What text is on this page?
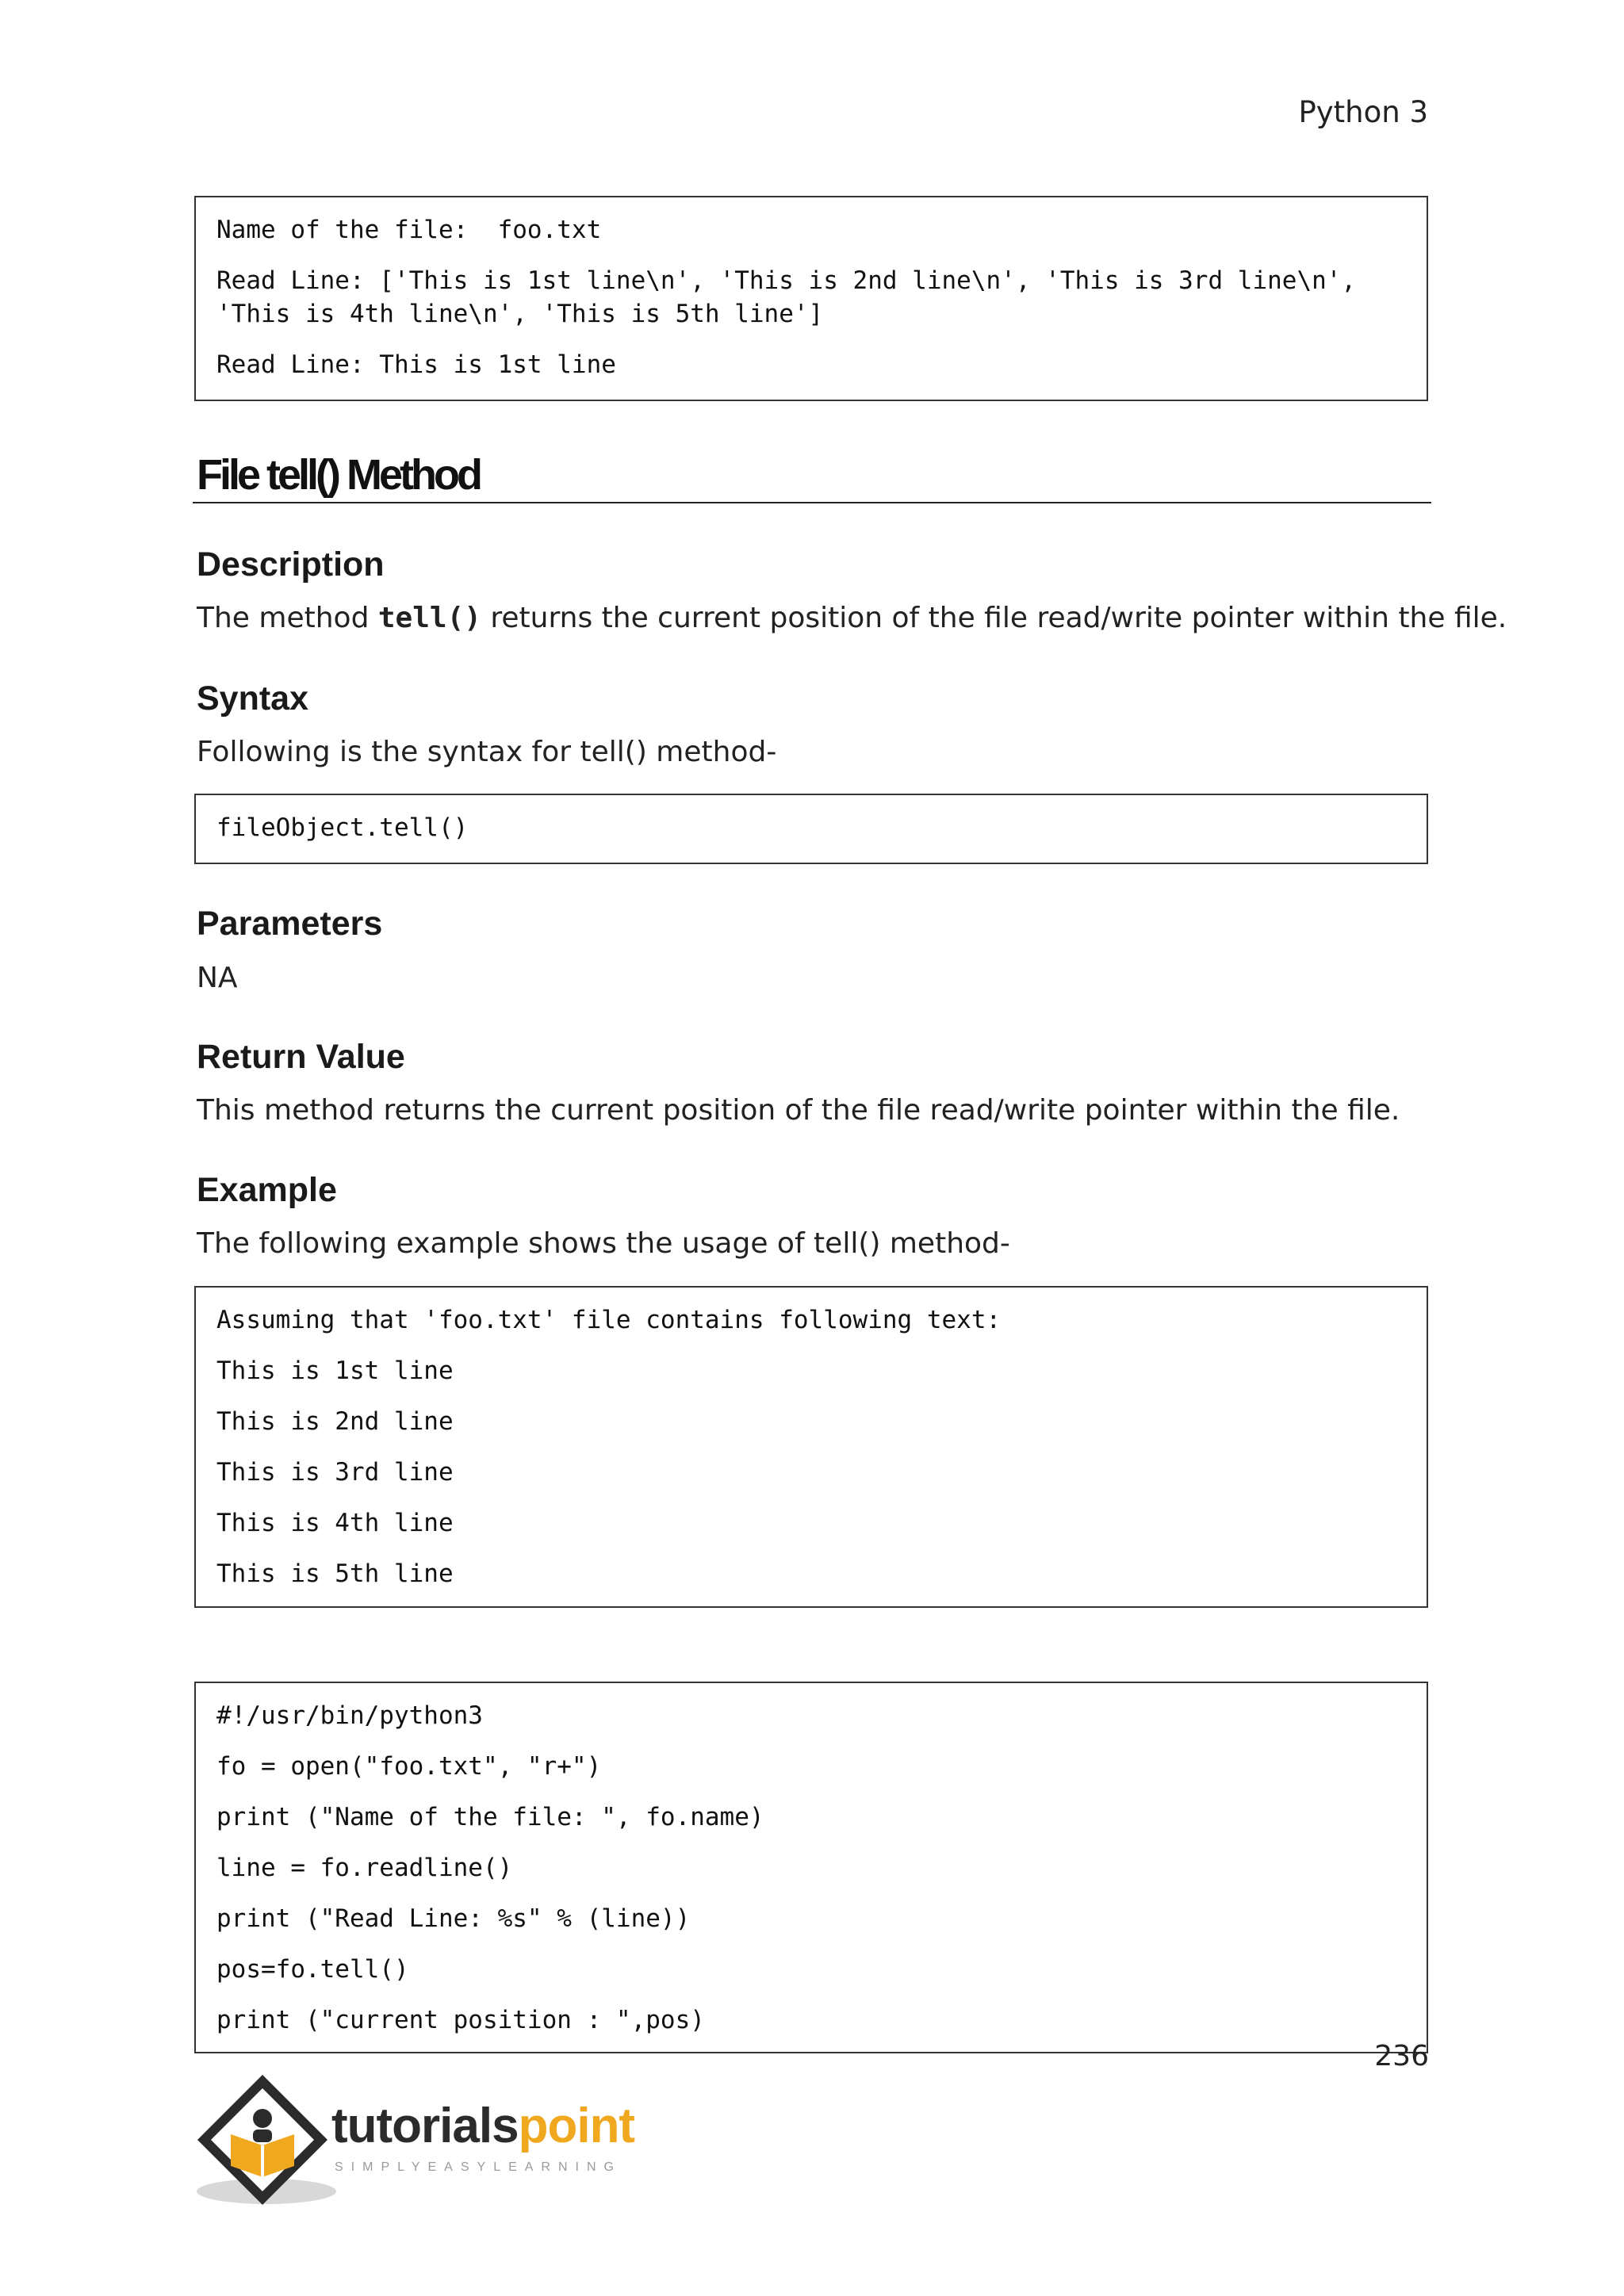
Python 3
Name of the file:  foo.txt
Read Line: ['This is 1st line\n', 'This is 2nd line\n', 'This is 3rd line\n', 'This is 4th line\n', 'This is 5th line']
Read Line: This is 1st line
File tell() Method
Description
The method tell() returns the current position of the file read/write pointer within the file.
Syntax
Following is the syntax for tell() method-
fileObject.tell()
Parameters
NA
Return Value
This method returns the current position of the file read/write pointer within the file.
Example
The following example shows the usage of tell() method-
Assuming that 'foo.txt' file contains following text:
This is 1st line
This is 2nd line
This is 3rd line
This is 4th line
This is 5th line
#!/usr/bin/python3
fo = open("foo.txt", "r+")
print ("Name of the file: ", fo.name)
line = fo.readline()
print ("Read Line: %s" % (line))
pos=fo.tell()
print ("current position : ",pos)
236
tutorialspoint
SIMPLYEASYLEARNING
